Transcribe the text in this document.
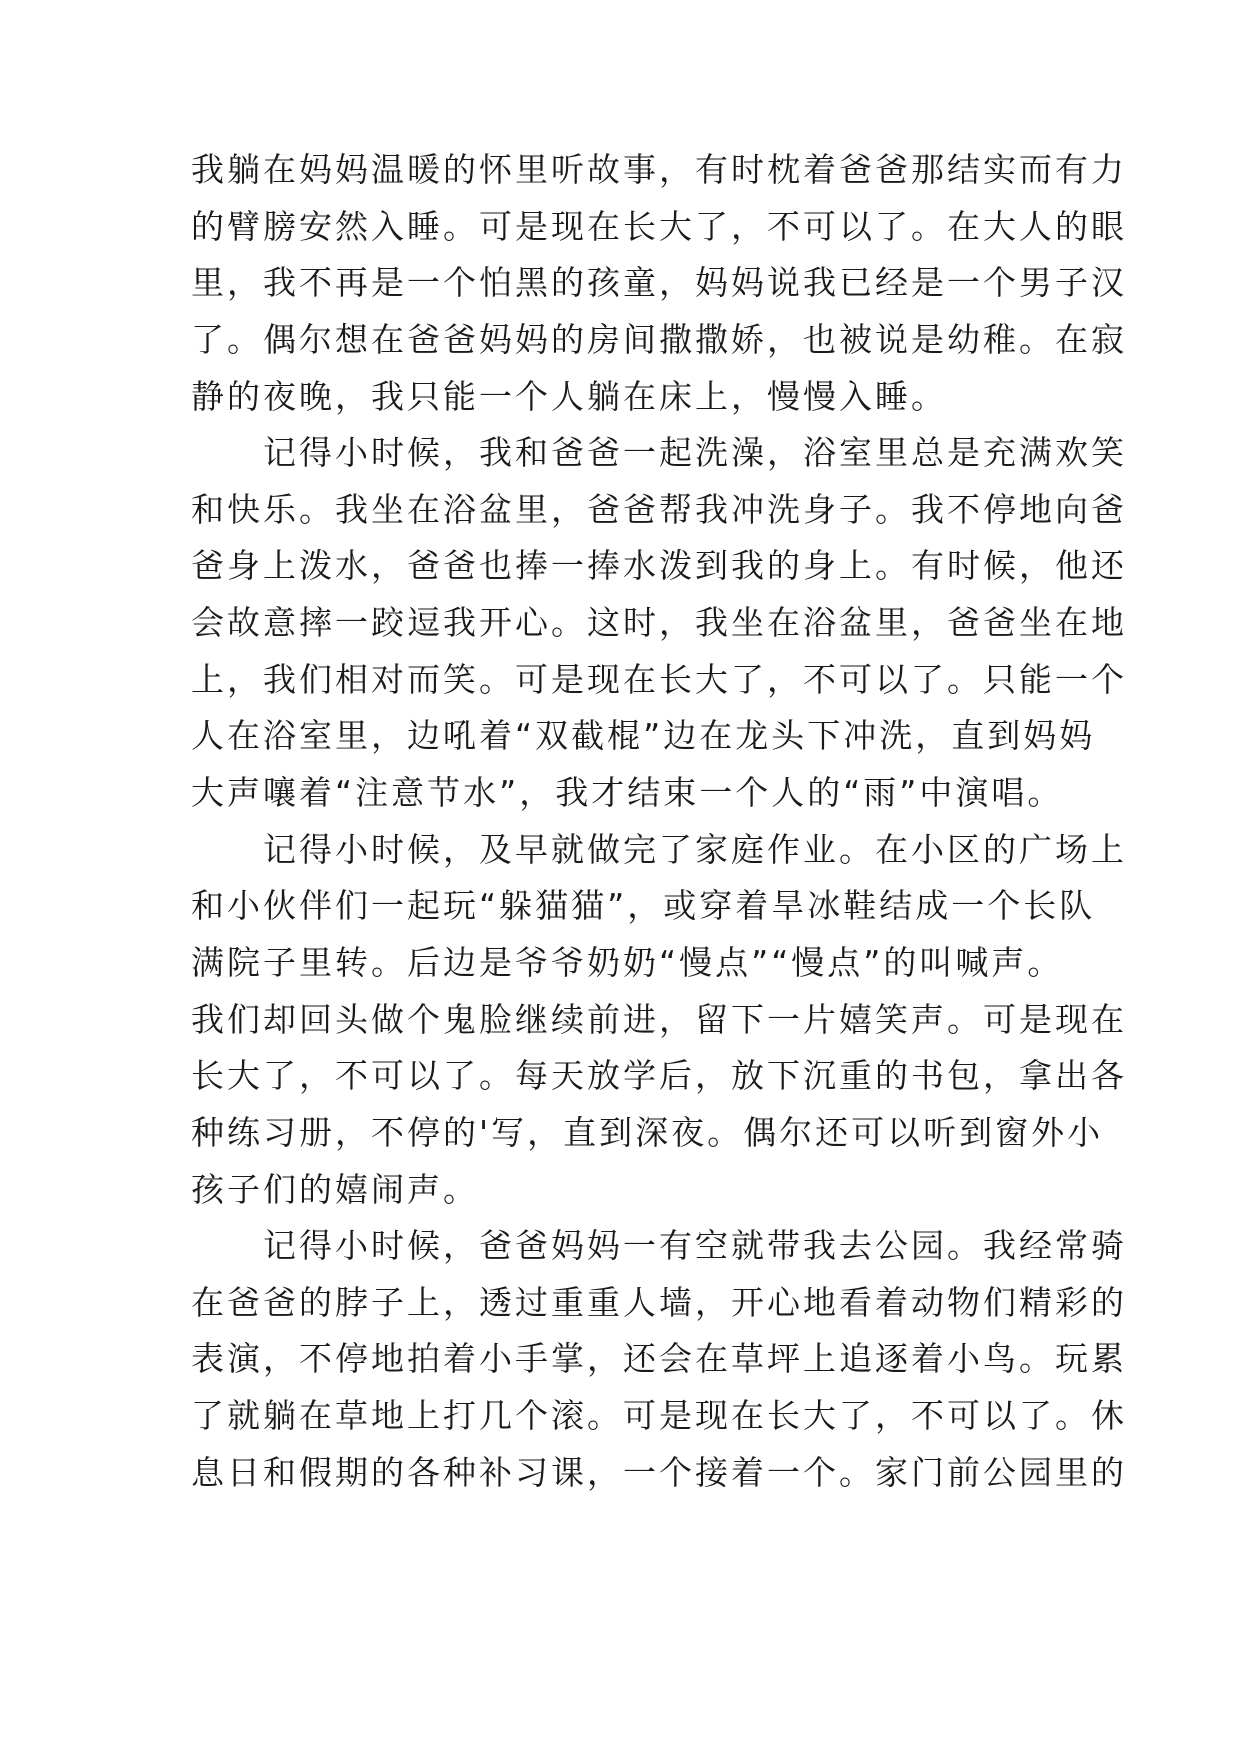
我躺在妈妈温暖的怀里听故事，有时枕着爸爸那结实而有力
的臂膀安然入睡。可是现在长大了，不可以了。在大人的眼
里，我不再是一个怕黑的孩童，妈妈说我已经是一个男子汉
了。偶尔想在爸爸妈妈的房间撒撒娇，也被说是幼稚。在寂
静的夜晚，我只能一个人躺在床上，慢慢入睡。
　　记得小时候，我和爸爸一起洗澡，浴室里总是充满欢笑
和快乐。我坐在浴盆里，爸爸帮我冲洗身子。我不停地向爸
爸身上泼水，爸爸也捧一捧水泼到我的身上。有时候，他还
会故意摔一跤逗我开心。这时，我坐在浴盆里，爸爸坐在地
上，我们相对而笑。可是现在长大了，不可以了。只能一个
人在浴室里，边吼着“双截棍”边在龙头下冲洗，直到妈妈
大声嚷着“注意节水”，我才结束一个人的“雨”中演唱。
　　记得小时候，及早就做完了家庭作业。在小区的广场上
和小伙伴们一起玩“躲猫猫”，或穿着旱冰鞋结成一个长队
满院子里转。后边是爷爷奶奶“慢点”“慢点”的叫喊声。
我们却回头做个鬼脸继续前进，留下一片嬉笑声。可是现在
长大了，不可以了。每天放学后，放下沉重的书包，拿出各
种练习册，不停的'写，直到深夜。偶尔还可以听到窗外小
孩子们的嬉闹声。
　　记得小时候，爸爸妈妈一有空就带我去公园。我经常骑
在爸爸的脖子上，透过重重人墙，开心地看着动物们精彩的
表演，不停地拍着小手掌，还会在草坪上追逐着小鸟。玩累
了就躺在草地上打几个滚。可是现在长大了，不可以了。休
息日和假期的各种补习课，一个接着一个。家门前公园里的
